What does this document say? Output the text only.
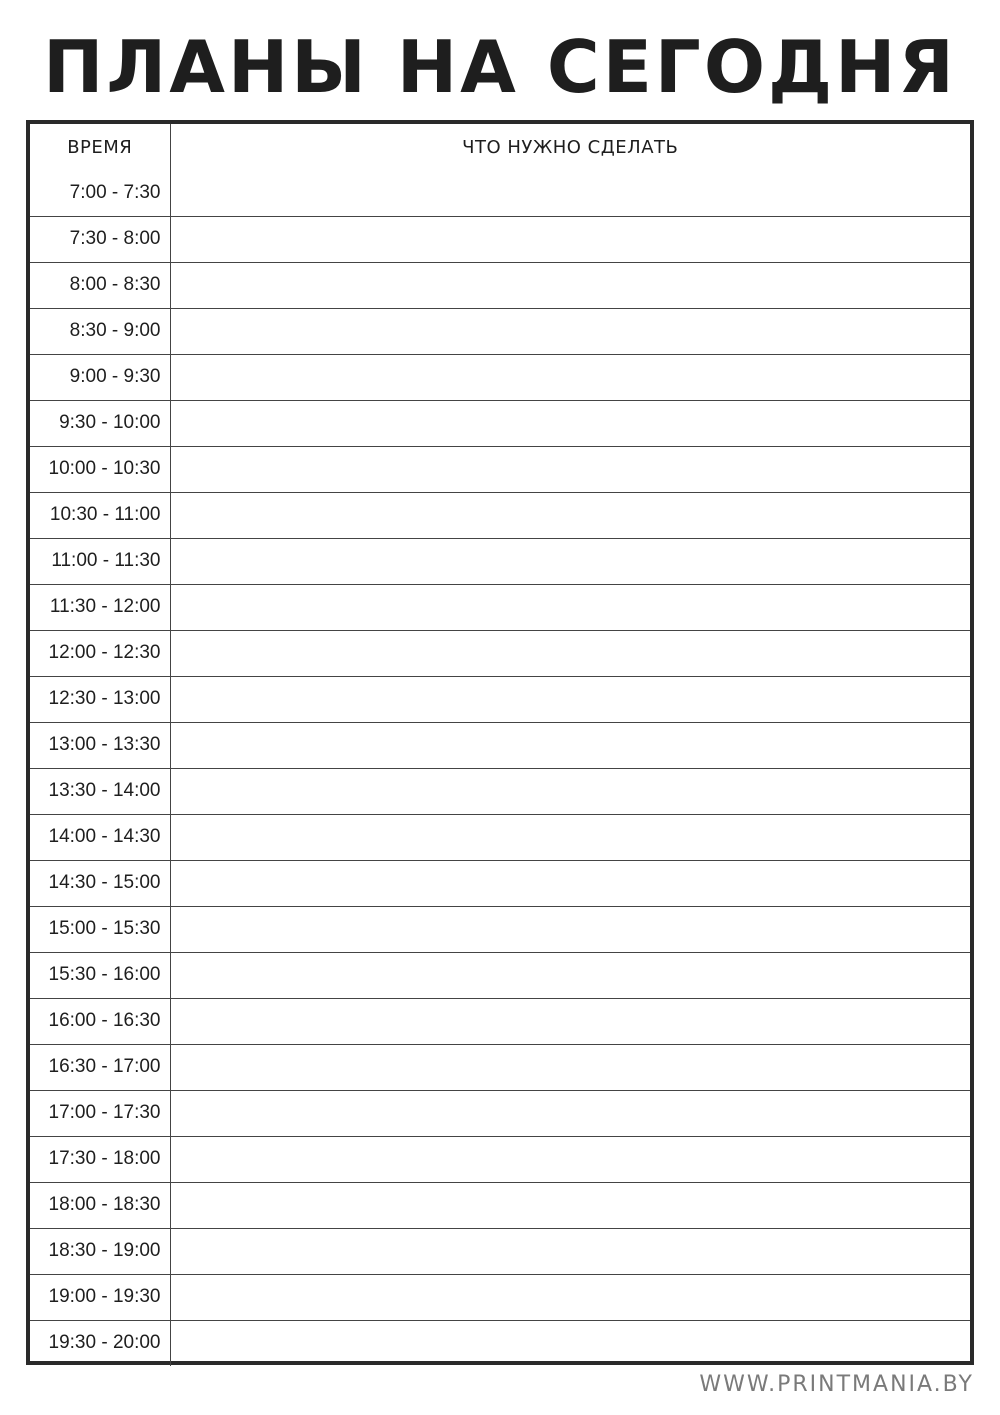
ПЛАНЫ НА СЕГОДНЯ
ВРЕМЯ	ЧТО НУЖНО СДЕЛАТЬ
7:00 - 7:30	
7:30 - 8:00	
8:00 - 8:30	
8:30 - 9:00	
9:00 - 9:30	
9:30 - 10:00	
10:00 - 10:30	
10:30 - 11:00	
11:00 - 11:30	
11:30 - 12:00	
12:00 - 12:30	
12:30 - 13:00	
13:00 - 13:30	
13:30 - 14:00	
14:00 - 14:30	
14:30 - 15:00	
15:00 - 15:30	
15:30 - 16:00	
16:00 - 16:30	
16:30 - 17:00	
17:00 - 17:30	
17:30 - 18:00	
18:00 - 18:30	
18:30 - 19:00	
19:00 - 19:30	
19:30 - 20:00	
WWW.PRINTMANIA.BY
